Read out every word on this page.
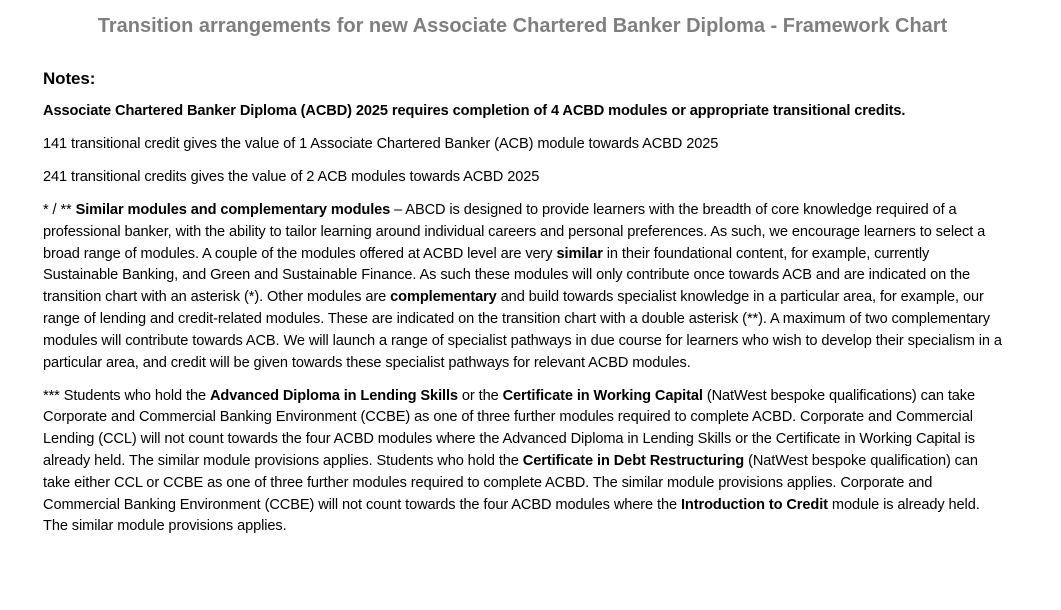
Transition arrangements for new Associate Chartered Banker Diploma - Framework Chart
Notes:

Associate Chartered Banker Diploma (ACBD) 2025 requires completion of 4 ACBD modules or appropriate transitional credits.

141 transitional credit gives the value of 1 Associate Chartered Banker (ACB) module towards ACBD 2025

241 transitional credits gives the value of 2 ACB modules towards ACBD 2025

* / ** Similar modules and complementary modules – ABCD is designed to provide learners with the breadth of core knowledge required of a professional banker, with the ability to tailor learning around individual careers and personal preferences. As such, we encourage learners to select a broad range of modules. A couple of the modules offered at ACBD level are very similar in their foundational content, for example, currently Sustainable Banking, and Green and Sustainable Finance. As such these modules will only contribute once towards ACB and are indicated on the transition chart with an asterisk (*). Other modules are complementary and build towards specialist knowledge in a particular area, for example, our range of lending and credit-related modules. These are indicated on the transition chart with a double asterisk (**). A maximum of two complementary modules will contribute towards ACB. We will launch a range of specialist pathways in due course for learners who wish to develop their specialism in a particular area, and credit will be given towards these specialist pathways for relevant ACBD modules.

*** Students who hold the Advanced Diploma in Lending Skills or the Certificate in Working Capital (NatWest bespoke qualifications) can take Corporate and Commercial Banking Environment (CCBE) as one of three further modules required to complete ACBD. Corporate and Commercial Lending (CCL) will not count towards the four ACBD modules where the Advanced Diploma in Lending Skills or the Certificate in Working Capital is already held. The similar module provisions applies. Students who hold the Certificate in Debt Restructuring (NatWest bespoke qualification) can take either CCL or CCBE as one of three further modules required to complete ACBD. The similar module provisions applies. Corporate and Commercial Banking Environment (CCBE) will not count towards the four ACBD modules where the Introduction to Credit module is already held. The similar module provisions applies.
